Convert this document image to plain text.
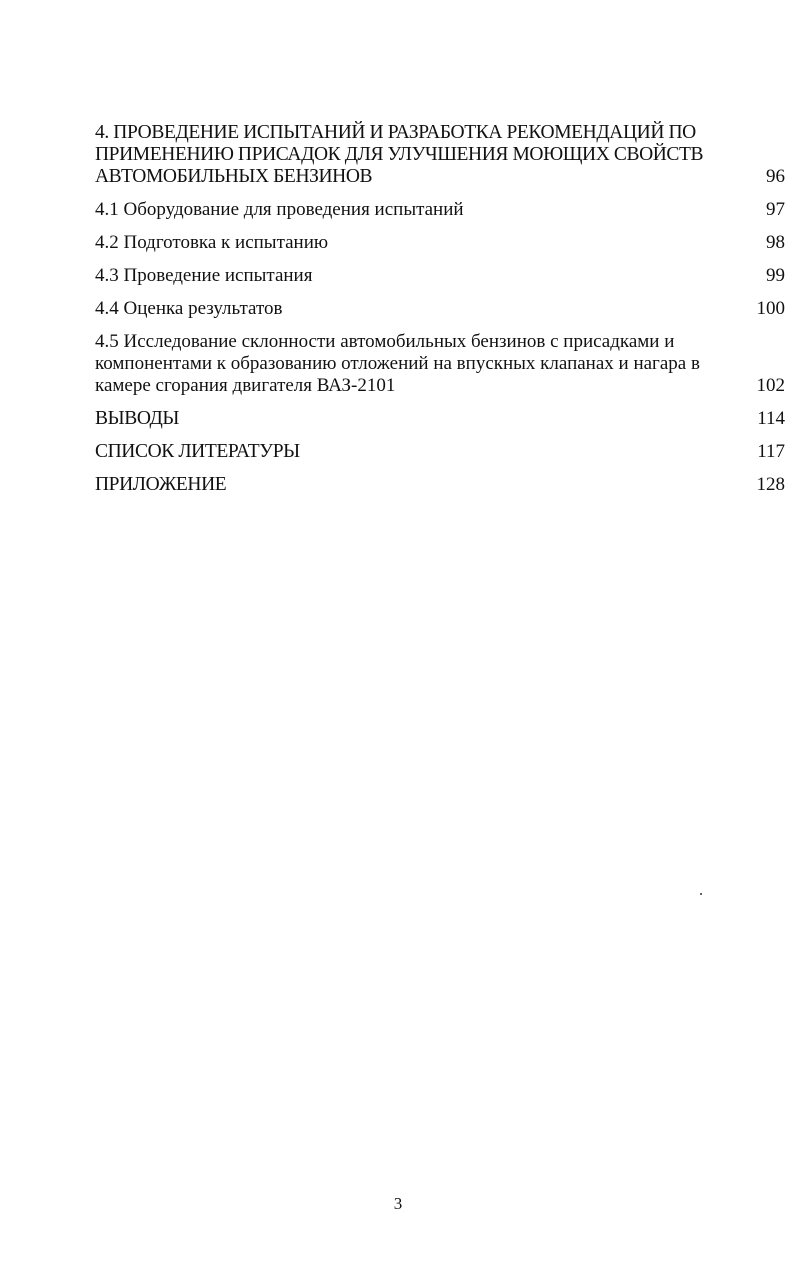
4. ПРОВЕДЕНИЕ ИСПЫТАНИЙ И РАЗРАБОТКА РЕКОМЕНДАЦИЙ ПО ПРИМЕНЕНИЮ ПРИСАДОК ДЛЯ УЛУЧШЕНИЯ МОЮЩИХ СВОЙСТВ АВТОМОБИЛЬНЫХ БЕНЗИНОВ	96
4.1 Оборудование для проведения испытаний	97
4.2 Подготовка к испытанию	98
4.3 Проведение испытания	99
4.4 Оценка результатов	100
4.5 Исследование склонности автомобильных бензинов с присадками и компонентами к образованию отложений на впускных клапанах и нагара в камере сгорания двигателя ВАЗ-2101	102
ВЫВОДЫ	114
СПИСОК ЛИТЕРАТУРЫ	117
ПРИЛОЖЕНИЕ	128
3
